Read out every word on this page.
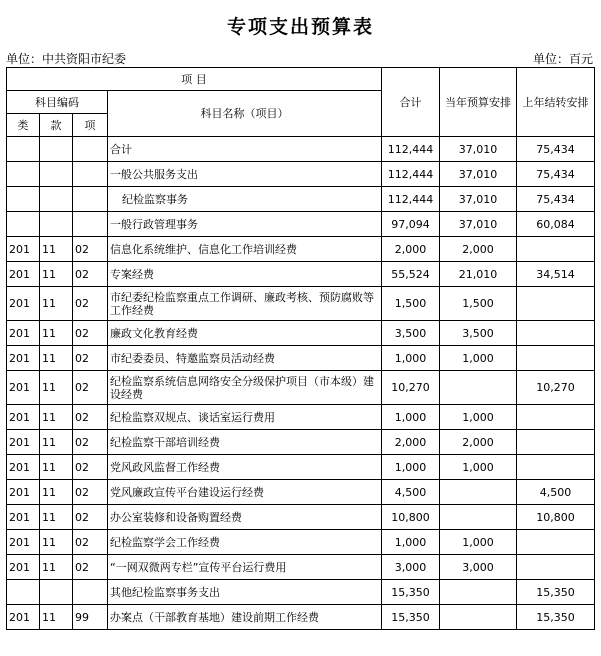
专项支出预算表
单位：中共资阳市纪委	单位：百元
项 目				合计	当年预算安排	上年结转安排
科目编码			科目名称（项目）			
类	款	项				
			合计	112,444	37,010	75,434
			一般公共服务支出	112,444	37,010	75,434
			纪检监察事务	112,444	37,010	75,434
			一般行政管理事务	97,094	37,010	60,084
201	11	02	信息化系统维护、信息化工作培训经费	2,000	2,000	
201	11	02	专案经费	55,524	21,010	34,514
201	11	02	市纪委纪检监察重点工作调研、廉政考核、预防腐败等工作经费	1,500	1,500	
201	11	02	廉政文化教育经费	3,500	3,500	
201	11	02	市纪委委员、特邀监察员活动经费	1,000	1,000	
201	11	02	纪检监察系统信息网络安全分级保护项目（市本级）建设经费	10,270		10,270
201	11	02	纪检监察双规点、谈话室运行费用	1,000	1,000	
201	11	02	纪检监察干部培训经费	2,000	2,000	
201	11	02	党风政风监督工作经费	1,000	1,000	
201	11	02	党风廉政宣传平台建设运行经费	4,500		4,500
201	11	02	办公室装修和设备购置经费	10,800		10,800
201	11	02	纪检监察学会工作经费	1,000	1,000	
201	11	02	“一网双微两专栏”宣传平台运行费用	3,000	3,000	
			其他纪检监察事务支出	15,350		15,350
201	11	99	办案点（干部教育基地）建设前期工作经费	15,350		15,350
